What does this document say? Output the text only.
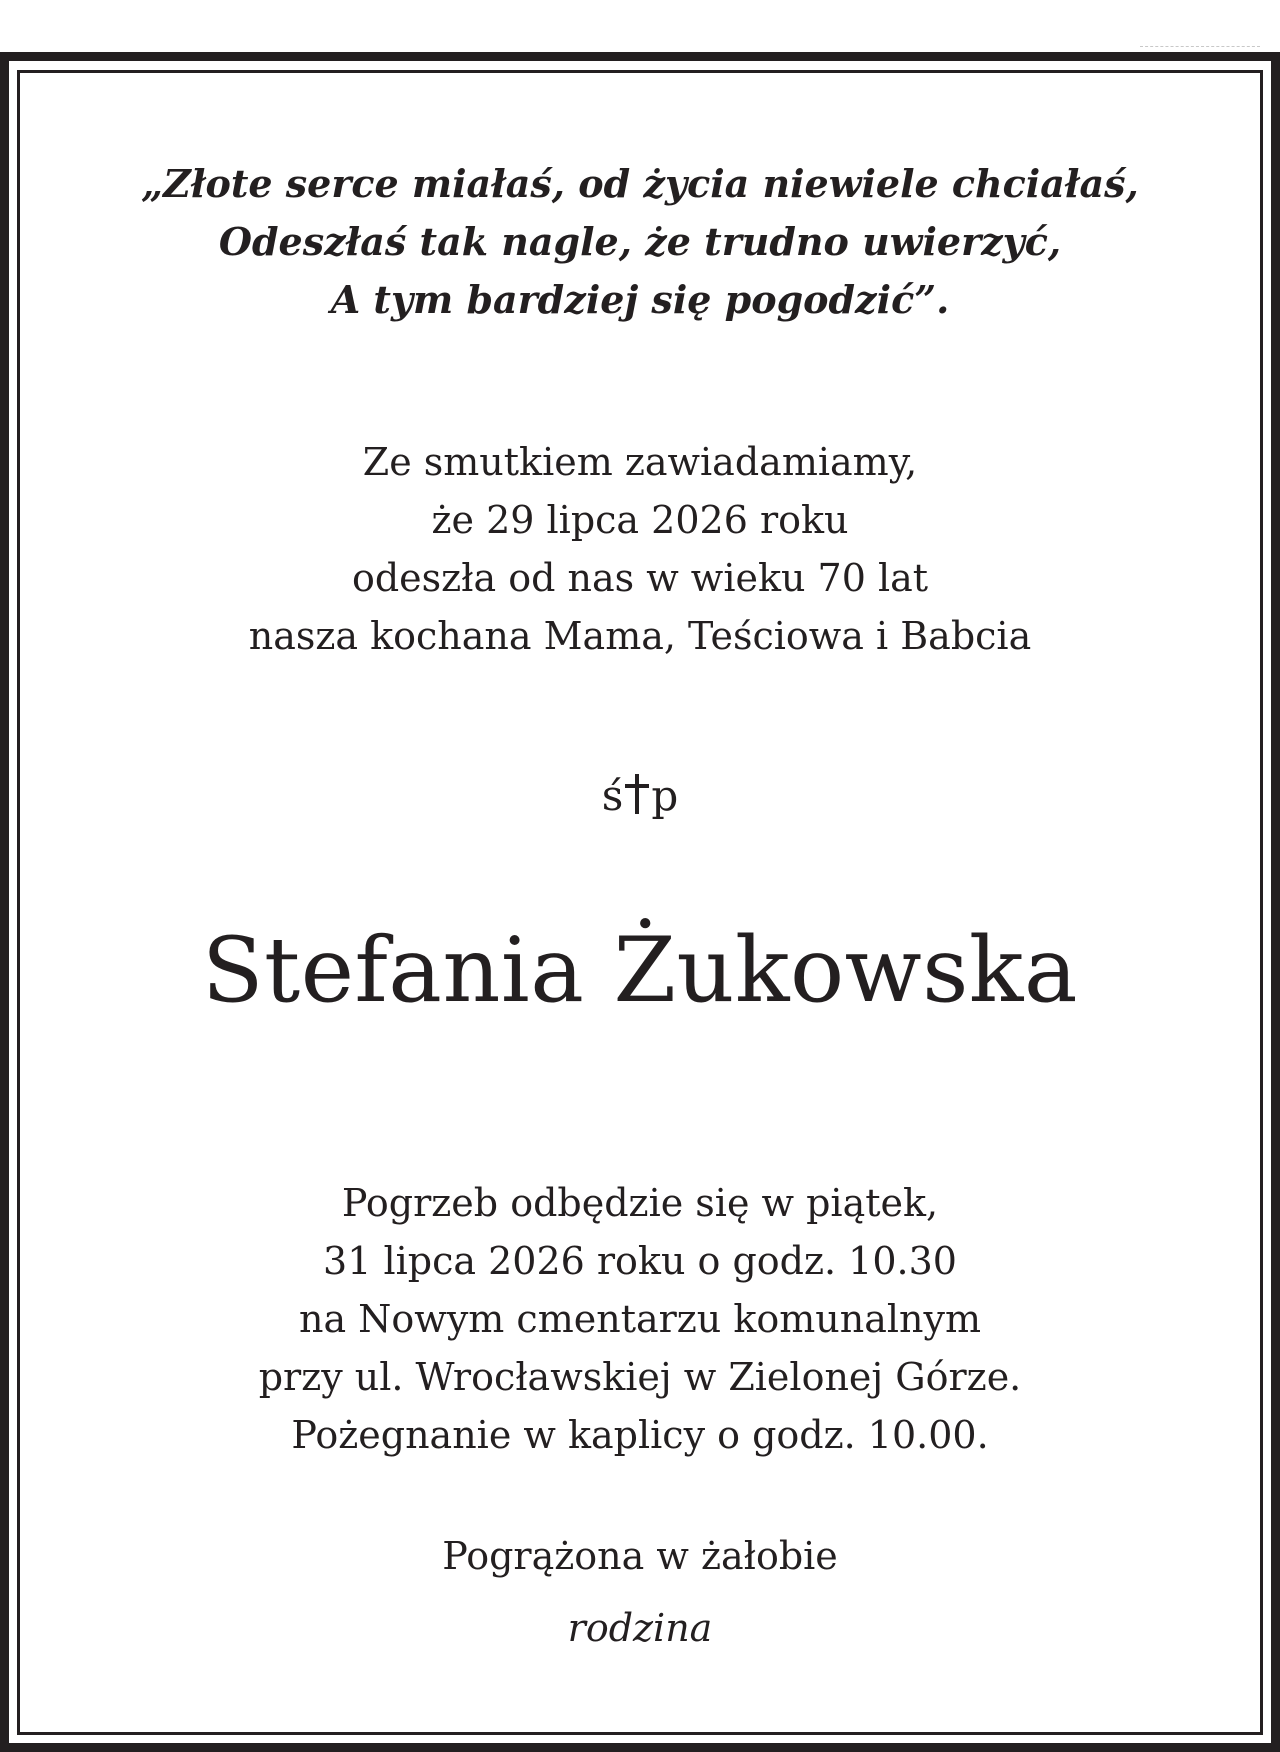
„Złote serce miałaś, od życia niewiele chciałaś,
Odeszłaś tak nagle, że trudno uwierzyć,
A tym bardziej się pogodzić”.
Ze smutkiem zawiadamiamy,
że 29 lipca 2026 roku
odeszła od nas w wieku 70 lat
nasza kochana Mama, Teściowa i Babcia
ś p
Stefania Żukowska
Pogrzeb odbędzie się w piątek,
31 lipca 2026 roku o godz. 10.30
na Nowym cmentarzu komunalnym
przy ul. Wrocławskiej w Zielonej Górze.
Pożegnanie w kaplicy o godz. 10.00.
Pogrążona w żałobie
rodzina
